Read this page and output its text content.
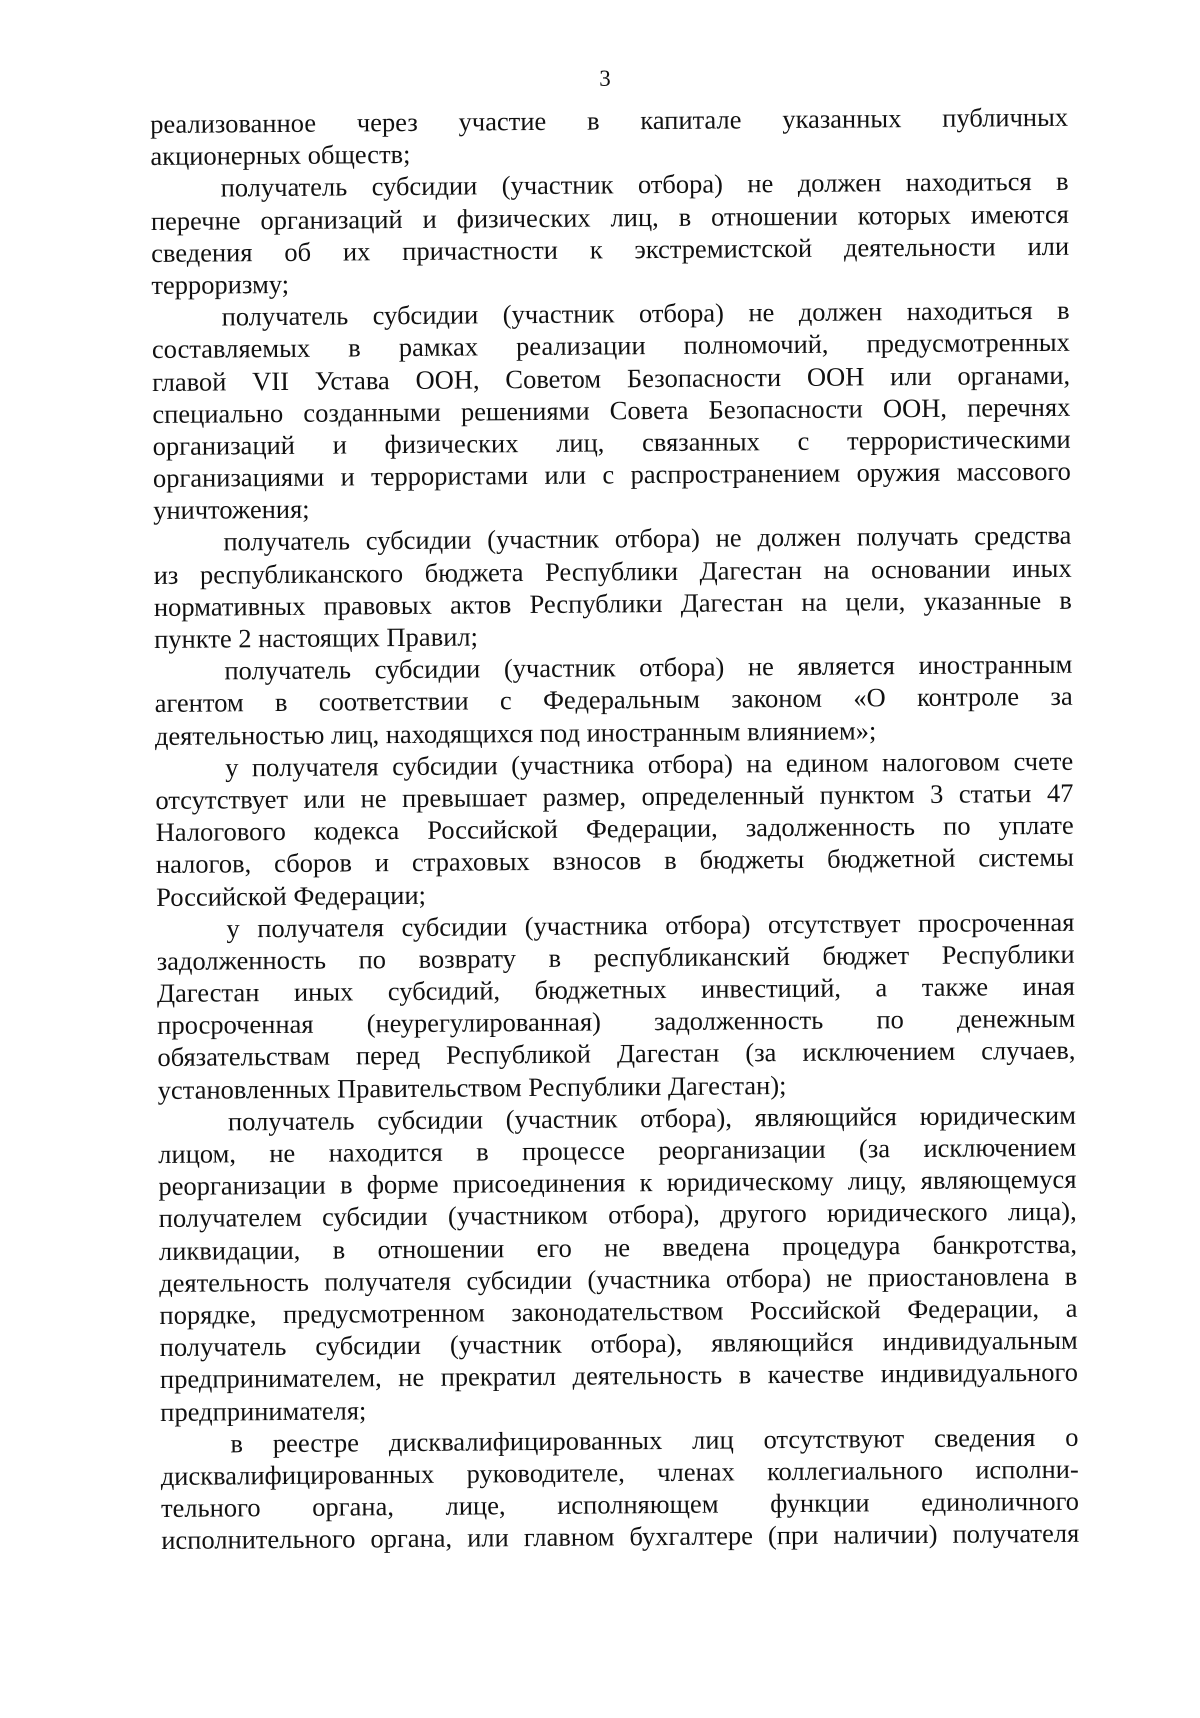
3
реализованное через участие в капитале указанных публичных
акционерных обществ;
получатель субсидии (участник отбора) не должен находиться в
перечне организаций и физических лиц, в отношении которых имеются
сведения об их причастности к экстремистской деятельности или
терроризму;
получатель субсидии (участник отбора) не должен находиться в
составляемых в рамках реализации полномочий, предусмотренных
главой VII Устава ООН, Советом Безопасности ООН или органами,
специально созданными решениями Совета Безопасности ООН, перечнях
организаций и физических лиц, связанных с террористическими
организациями и террористами или с распространением оружия массового
уничтожения;
получатель субсидии (участник отбора) не должен получать средства
из республиканского бюджета Республики Дагестан на основании иных
нормативных правовых актов Республики Дагестан на цели, указанные в
пункте 2 настоящих Правил;
получатель субсидии (участник отбора) не является иностранным
агентом в соответствии с Федеральным законом «О контроле за
деятельностью лиц, находящихся под иностранным влиянием»;
у получателя субсидии (участника отбора) на едином налоговом счете
отсутствует или не превышает размер, определенный пунктом 3 статьи 47
Налогового кодекса Российской Федерации, задолженность по уплате
налогов, сборов и страховых взносов в бюджеты бюджетной системы
Российской Федерации;
у получателя субсидии (участника отбора) отсутствует просроченная
задолженность по возврату в республиканский бюджет Республики
Дагестан иных субсидий, бюджетных инвестиций, а также иная
просроченная (неурегулированная) задолженность по денежным
обязательствам перед Республикой Дагестан (за исключением случаев,
установленных Правительством Республики Дагестан);
получатель субсидии (участник отбора), являющийся юридическим
лицом, не находится в процессе реорганизации (за исключением
реорганизации в форме присоединения к юридическому лицу, являющемуся
получателем субсидии (участником отбора), другого юридического лица),
ликвидации, в отношении его не введена процедура банкротства,
деятельность получателя субсидии (участника отбора) не приостановлена в
порядке, предусмотренном законодательством Российской Федерации, а
получатель субсидии (участник отбора), являющийся индивидуальным
предпринимателем, не прекратил деятельность в качестве индивидуального
предпринимателя;
в реестре дисквалифицированных лиц отсутствуют сведения о
дисквалифицированных руководителе, членах коллегиального исполни-
тельного органа, лице, исполняющем функции единоличного
исполнительного органа, или главном бухгалтере (при наличии) получателя
